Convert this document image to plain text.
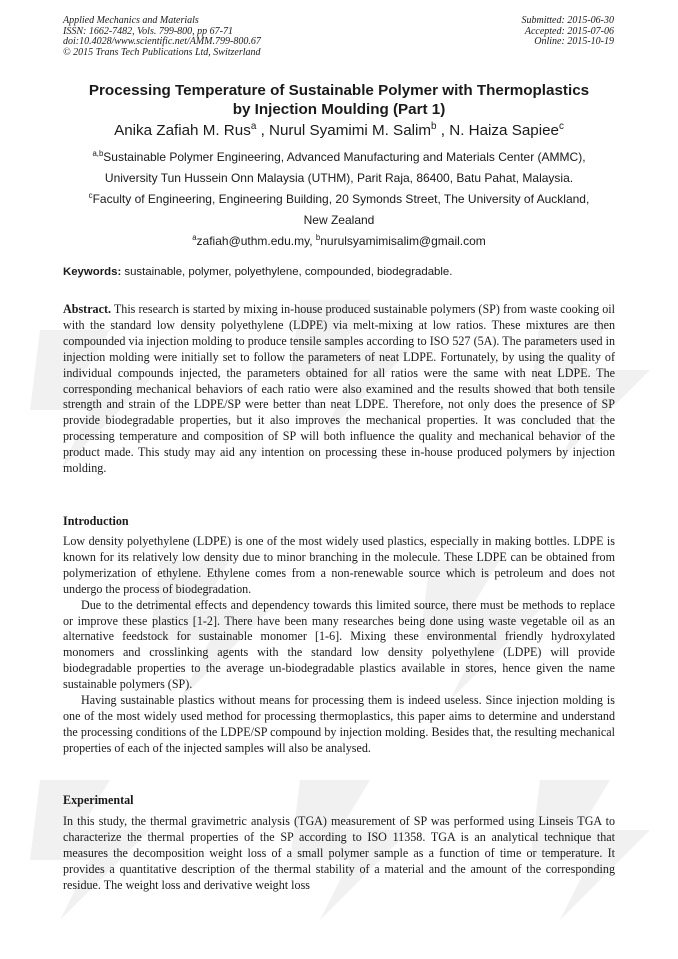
Applied Mechanics and Materials
ISSN: 1662-7482, Vols. 799-800, pp 67-71
doi:10.4028/www.scientific.net/AMM.799-800.67
© 2015 Trans Tech Publications Ltd, Switzerland
Submitted: 2015-06-30
Accepted: 2015-07-06
Online: 2015-10-19
Processing Temperature of Sustainable Polymer with Thermoplastics
by Injection Moulding (Part 1)
Anika Zafiah M. Rus$^a$ , Nurul Syamimi M. Salim$^b$ , N. Haiza Sapiee$^c$
$^{a,b}$Sustainable Polymer Engineering, Advanced Manufacturing and Materials Center (AMMC),
University Tun Hussein Onn Malaysia (UTHM), Parit Raja, 86400, Batu Pahat, Malaysia.
$^c$Faculty of Engineering, Engineering Building, 20 Symonds Street, The University of Auckland,
New Zealand
$^a$zafiah@uthm.edu.my, $^b$nurulsyamimisalim@gmail.com
Keywords: sustainable, polymer, polyethylene, compounded, biodegradable.

Abstract. This research is started by mixing in-house produced sustainable polymers (SP) from waste cooking oil with the standard low density polyethylene (LDPE) via melt-mixing at low ratios. These mixtures are then compounded via injection molding to produce tensile samples according to ISO 527 (5A). The parameters used in injection molding were initially set to follow the parameters of neat LDPE. Fortunately, by using the quality of individual compounds injected, the parameters obtained for all ratios were the same with neat LDPE. The corresponding mechanical behaviors of each ratio were also examined and the results showed that both tensile strength and strain of the LDPE/SP were better than neat LDPE. Therefore, not only does the presence of SP provide biodegradable properties, but it also improves the mechanical properties. It was concluded that the processing temperature and composition of SP will both influence the quality and mechanical behavior of the product made. This study may aid any intention on processing these in-house produced polymers by injection molding.

Introduction

Low density polyethylene (LDPE) is one of the most widely used plastics, especially in making bottles. LDPE is known for its relatively low density due to minor branching in the molecule. These LDPE can be obtained from polymerization of ethylene. Ethylene comes from a non-renewable source which is petroleum and does not undergo the process of biodegradation.

Due to the detrimental effects and dependency towards this limited source, there must be methods to replace or improve these plastics [1-2]. There have been many researches being done using waste vegetable oil as an alternative feedstock for sustainable monomer [1-6]. Mixing these environmental friendly hydroxylated monomers and crosslinking agents with the standard low density polyethylene (LDPE) will provide biodegradable properties to the average un-biodegradable plastics available in stores, hence given the name sustainable polymers (SP).

Having sustainable plastics without means for processing them is indeed useless. Since injection molding is one of the most widely used method for processing thermoplastics, this paper aims to determine and understand the processing conditions of the LDPE/SP compound by injection molding. Besides that, the resulting mechanical properties of each of the injected samples will also be analysed.

Experimental

In this study, the thermal gravimetric analysis (TGA) measurement of SP was performed using Linseis TGA to characterize the thermal properties of the SP according to ISO 11358. TGA is an analytical technique that measures the decomposition weight loss of a small polymer sample as a function of time or temperature. It provides a quantitative description of the thermal stability of a material and the amount of the corresponding residue. The weight loss and derivative weight loss
